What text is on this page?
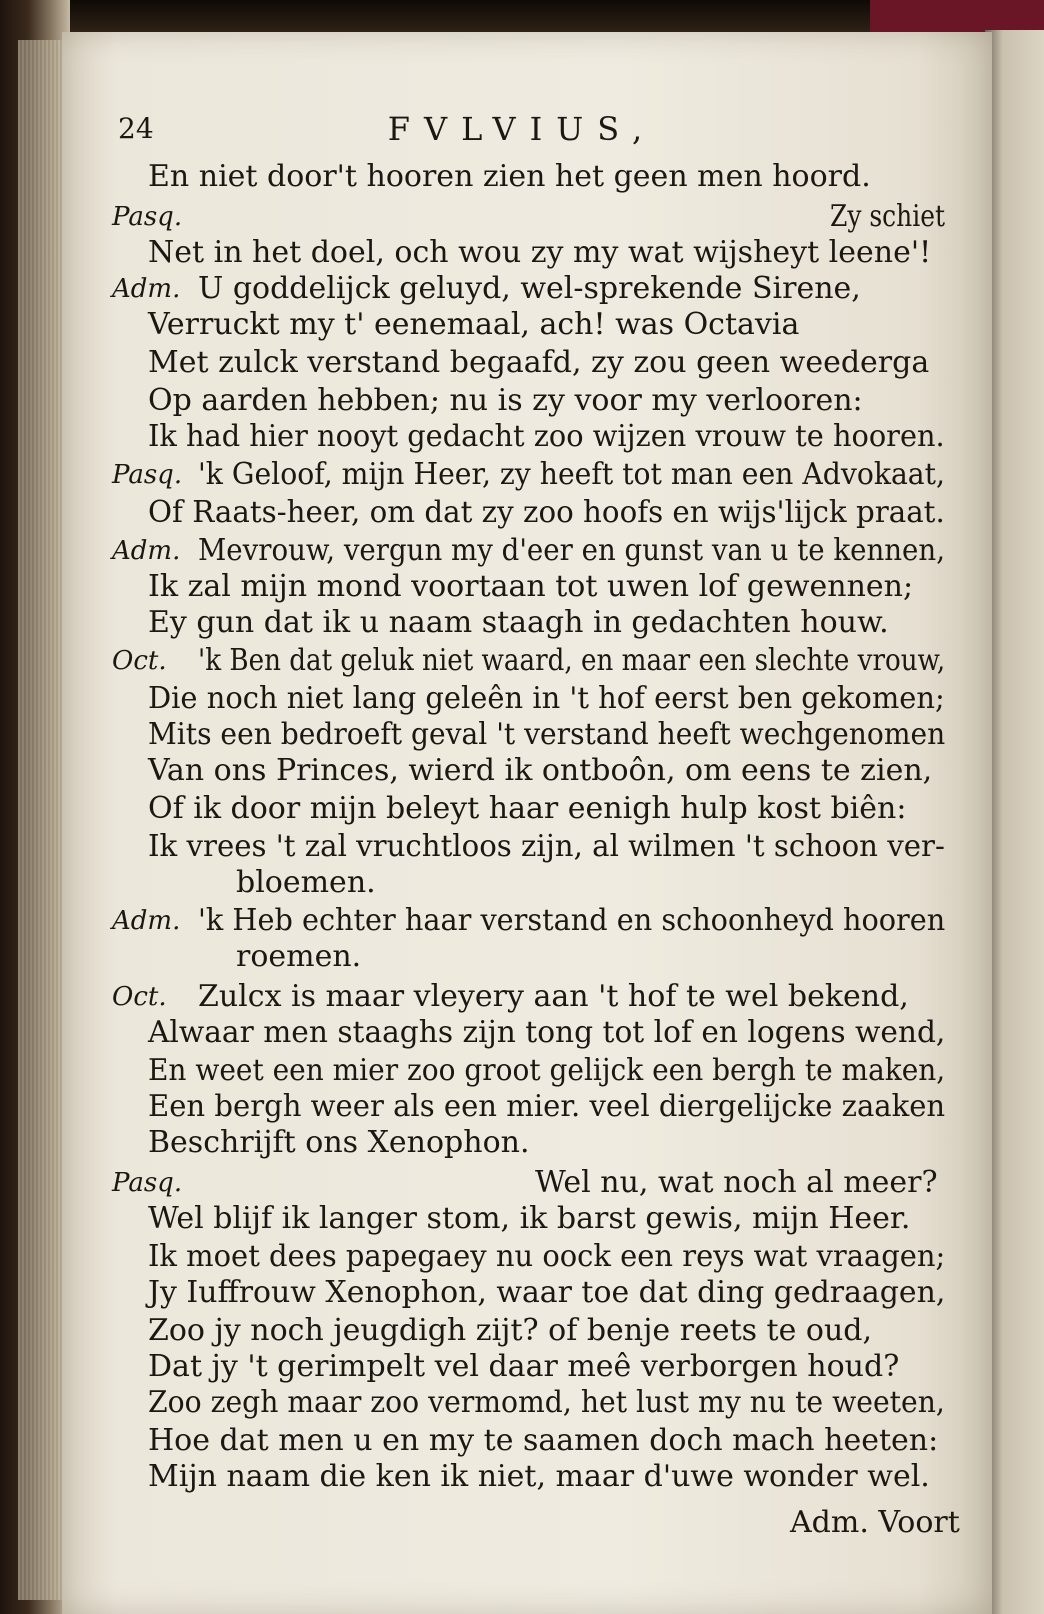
24	FVLVIUS,
En niet door't hooren zien het geen men hoord.
Pasq.	Zy schiet
Net in het doel, och wou zy my wat wijsheyt leene'!
Adm. U goddelijck geluyd, wel-sprekende Sirene,
Verruckt my t' eenemaal, ach! was Octavia
Met zulck verstand begaafd, zy zou geen weederga
Op aarden hebben; nu is zy voor my verlooren:
Ik had hier nooyt gedacht zoo wijzen vrouw te hooren.
Pasq. 'k Geloof, mijn Heer, zy heeft tot man een Advokaat,
Of Raats-heer, om dat zy zoo hoofs en wijs'lijck praat.
Adm. Mevrouw, vergun my d'eer en gunst van u te kennen,
Ik zal mijn mond voortaan tot uwen lof gewennen;
Ey gun dat ik u naam staagh in gedachten houw.
Oct. 'k Ben dat geluk niet waard, en maar een slechte vrouw,
Die noch niet lang geleên in 't hof eerst ben gekomen;
Mits een bedroeft geval 't verstand heeft wechgenomen
Van ons Princes, wierd ik ontboôn, om eens te zien,
Of ik door mijn beleyt haar eenigh hulp kost biên:
Ik vrees 't zal vruchtloos zijn, al wilmen 't schoon ver-
bloemen.
Adm. 'k Heb echter haar verstand en schoonheyd hooren
roemen.
Oct. Zulcx is maar vleyery aan 't hof te wel bekend,
Alwaar men staaghs zijn tong tot lof en logens wend,
En weet een mier zoo groot gelijck een bergh te maken,
Een bergh weer als een mier. veel diergelijcke zaaken
Beschrijft ons Xenophon.
Pasq.	Wel nu, wat noch al meer?
Wel blijf ik langer stom, ik barst gewis, mijn Heer.
Ik moet dees papegaey nu oock een reys wat vraagen;
Jy Iuffrouw Xenophon, waar toe dat ding gedraagen,
Zoo jy noch jeugdigh zijt? of benje reets te oud,
Dat jy 't gerimpelt vel daar meê verborgen houd?
Zoo zegh maar zoo vermomd, het lust my nu te weeten,
Hoe dat men u en my te saamen doch mach heeten:
Mijn naam die ken ik niet, maar d'uwe wonder wel.
Adm. Voort
